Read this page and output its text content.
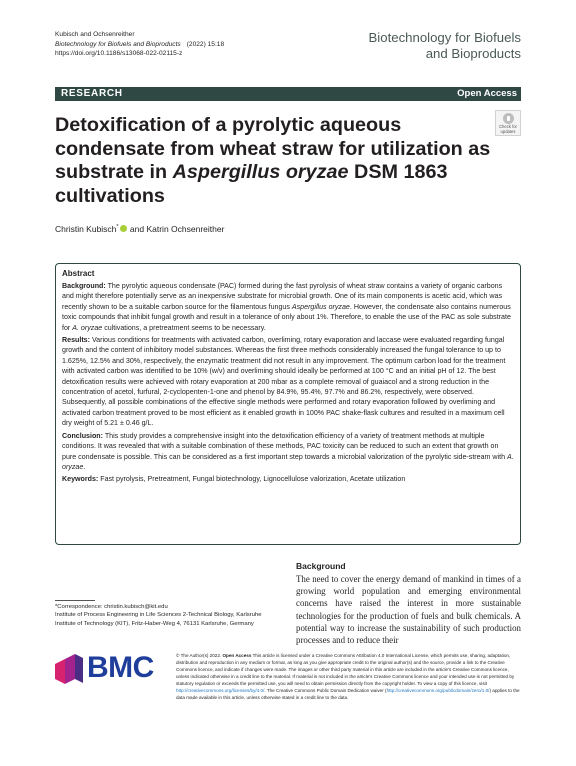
Kubisch and Ochsenreither
Biotechnology for Biofuels and Bioproducts (2022) 15:18
https://doi.org/10.1186/s13068-022-02115-z
Biotechnology for Biofuels
and Bioproducts
RESEARCH	Open Access
Check for
updates
Detoxification of a pyrolytic aqueous condensate from wheat straw for utilization as substrate in Aspergillus oryzae DSM 1863 cultivations
Christin Kubisch* and Katrin Ochsenreither
Abstract

Background: The pyrolytic aqueous condensate (PAC) formed during the fast pyrolysis of wheat straw contains a variety of organic carbons and might therefore potentially serve as an inexpensive substrate for microbial growth. One of its main components is acetic acid, which was recently shown to be a suitable carbon source for the filamentous fungus Aspergillus oryzae. However, the condensate also contains numerous toxic compounds that inhibit fungal growth and result in a tolerance of only about 1%. Therefore, to enable the use of the PAC as sole substrate for A. oryzae cultivations, a pretreatment seems to be necessary.

Results: Various conditions for treatments with activated carbon, overliming, rotary evaporation and laccase were evaluated regarding fungal growth and the content of inhibitory model substances. Whereas the first three methods considerably increased the fungal tolerance to up to 1.625%, 12.5% and 30%, respectively, the enzymatic treatment did not result in any improvement. The optimum carbon load for the treatment with activated carbon was identified to be 10% (w/v) and overliming should ideally be performed at 100 °C and an initial pH of 12. The best detoxification results were achieved with rotary evaporation at 200 mbar as a complete removal of guaiacol and a strong reduction in the concentration of acetol, furfural, 2-cyclopenten-1-one and phenol by 84.9%, 95.4%, 97.7% and 86.2%, respectively, were observed. Subsequently, all possible combinations of the effective single methods were performed and rotary evaporation followed by overliming and activated carbon treatment proved to be most efficient as it enabled growth in 100% PAC shake-flask cultures and resulted in a maximum cell dry weight of 5.21 ± 0.46 g/L.

Conclusion: This study provides a comprehensive insight into the detoxification efficiency of a variety of treatment methods at multiple conditions. It was revealed that with a suitable combination of these methods, PAC toxicity can be reduced to such an extent that growth on pure condensate is possible. This can be considered as a first important step towards a microbial valorization of the pyrolytic side-stream with A. oryzae.

Keywords: Fast pyrolysis, Pretreatment, Fungal biotechnology, Lignocellulose valorization, Acetate utilization

*Correspondence: christin.kubisch@kit.edu
Institute of Process Engineering in Life Sciences 2-Technical Biology, Karlsruhe Institute of Technology (KIT), Fritz-Haber-Weg 4, 76131 Karlsruhe, Germany
Background
The need to cover the energy demand of mankind in times of a growing world population and emerging environmental concerns have raised the interest in more sustainable technologies for the production of fuels and bulk chemicals. A potential way to increase the sustainability of such production processes and to reduce their
BMC	© The Author(s) 2022. Open Access This article is licensed under a Creative Commons Attribution 4.0 International License, which permits use, sharing, adaptation, distribution and reproduction in any medium or format, as long as you give appropriate credit to the original author(s) and the source, provide a link to the Creative Commons licence, and indicate if changes were made. The images or other third party material in this article are included in the article's Creative Commons licence, unless indicated otherwise in a credit line to the material. If material is not included in the article's Creative Commons licence and your intended use is not permitted by statutory regulation or exceeds the permitted use, you will need to obtain permission directly from the copyright holder. To view a copy of this licence, visit http://creativecommons.org/licenses/by/4.0/. The Creative Commons Public Domain Dedication waiver (http://creativecommons.org/publicdomain/zero/1.0/) applies to the data made available in this article, unless otherwise stated in a credit line to the data.
